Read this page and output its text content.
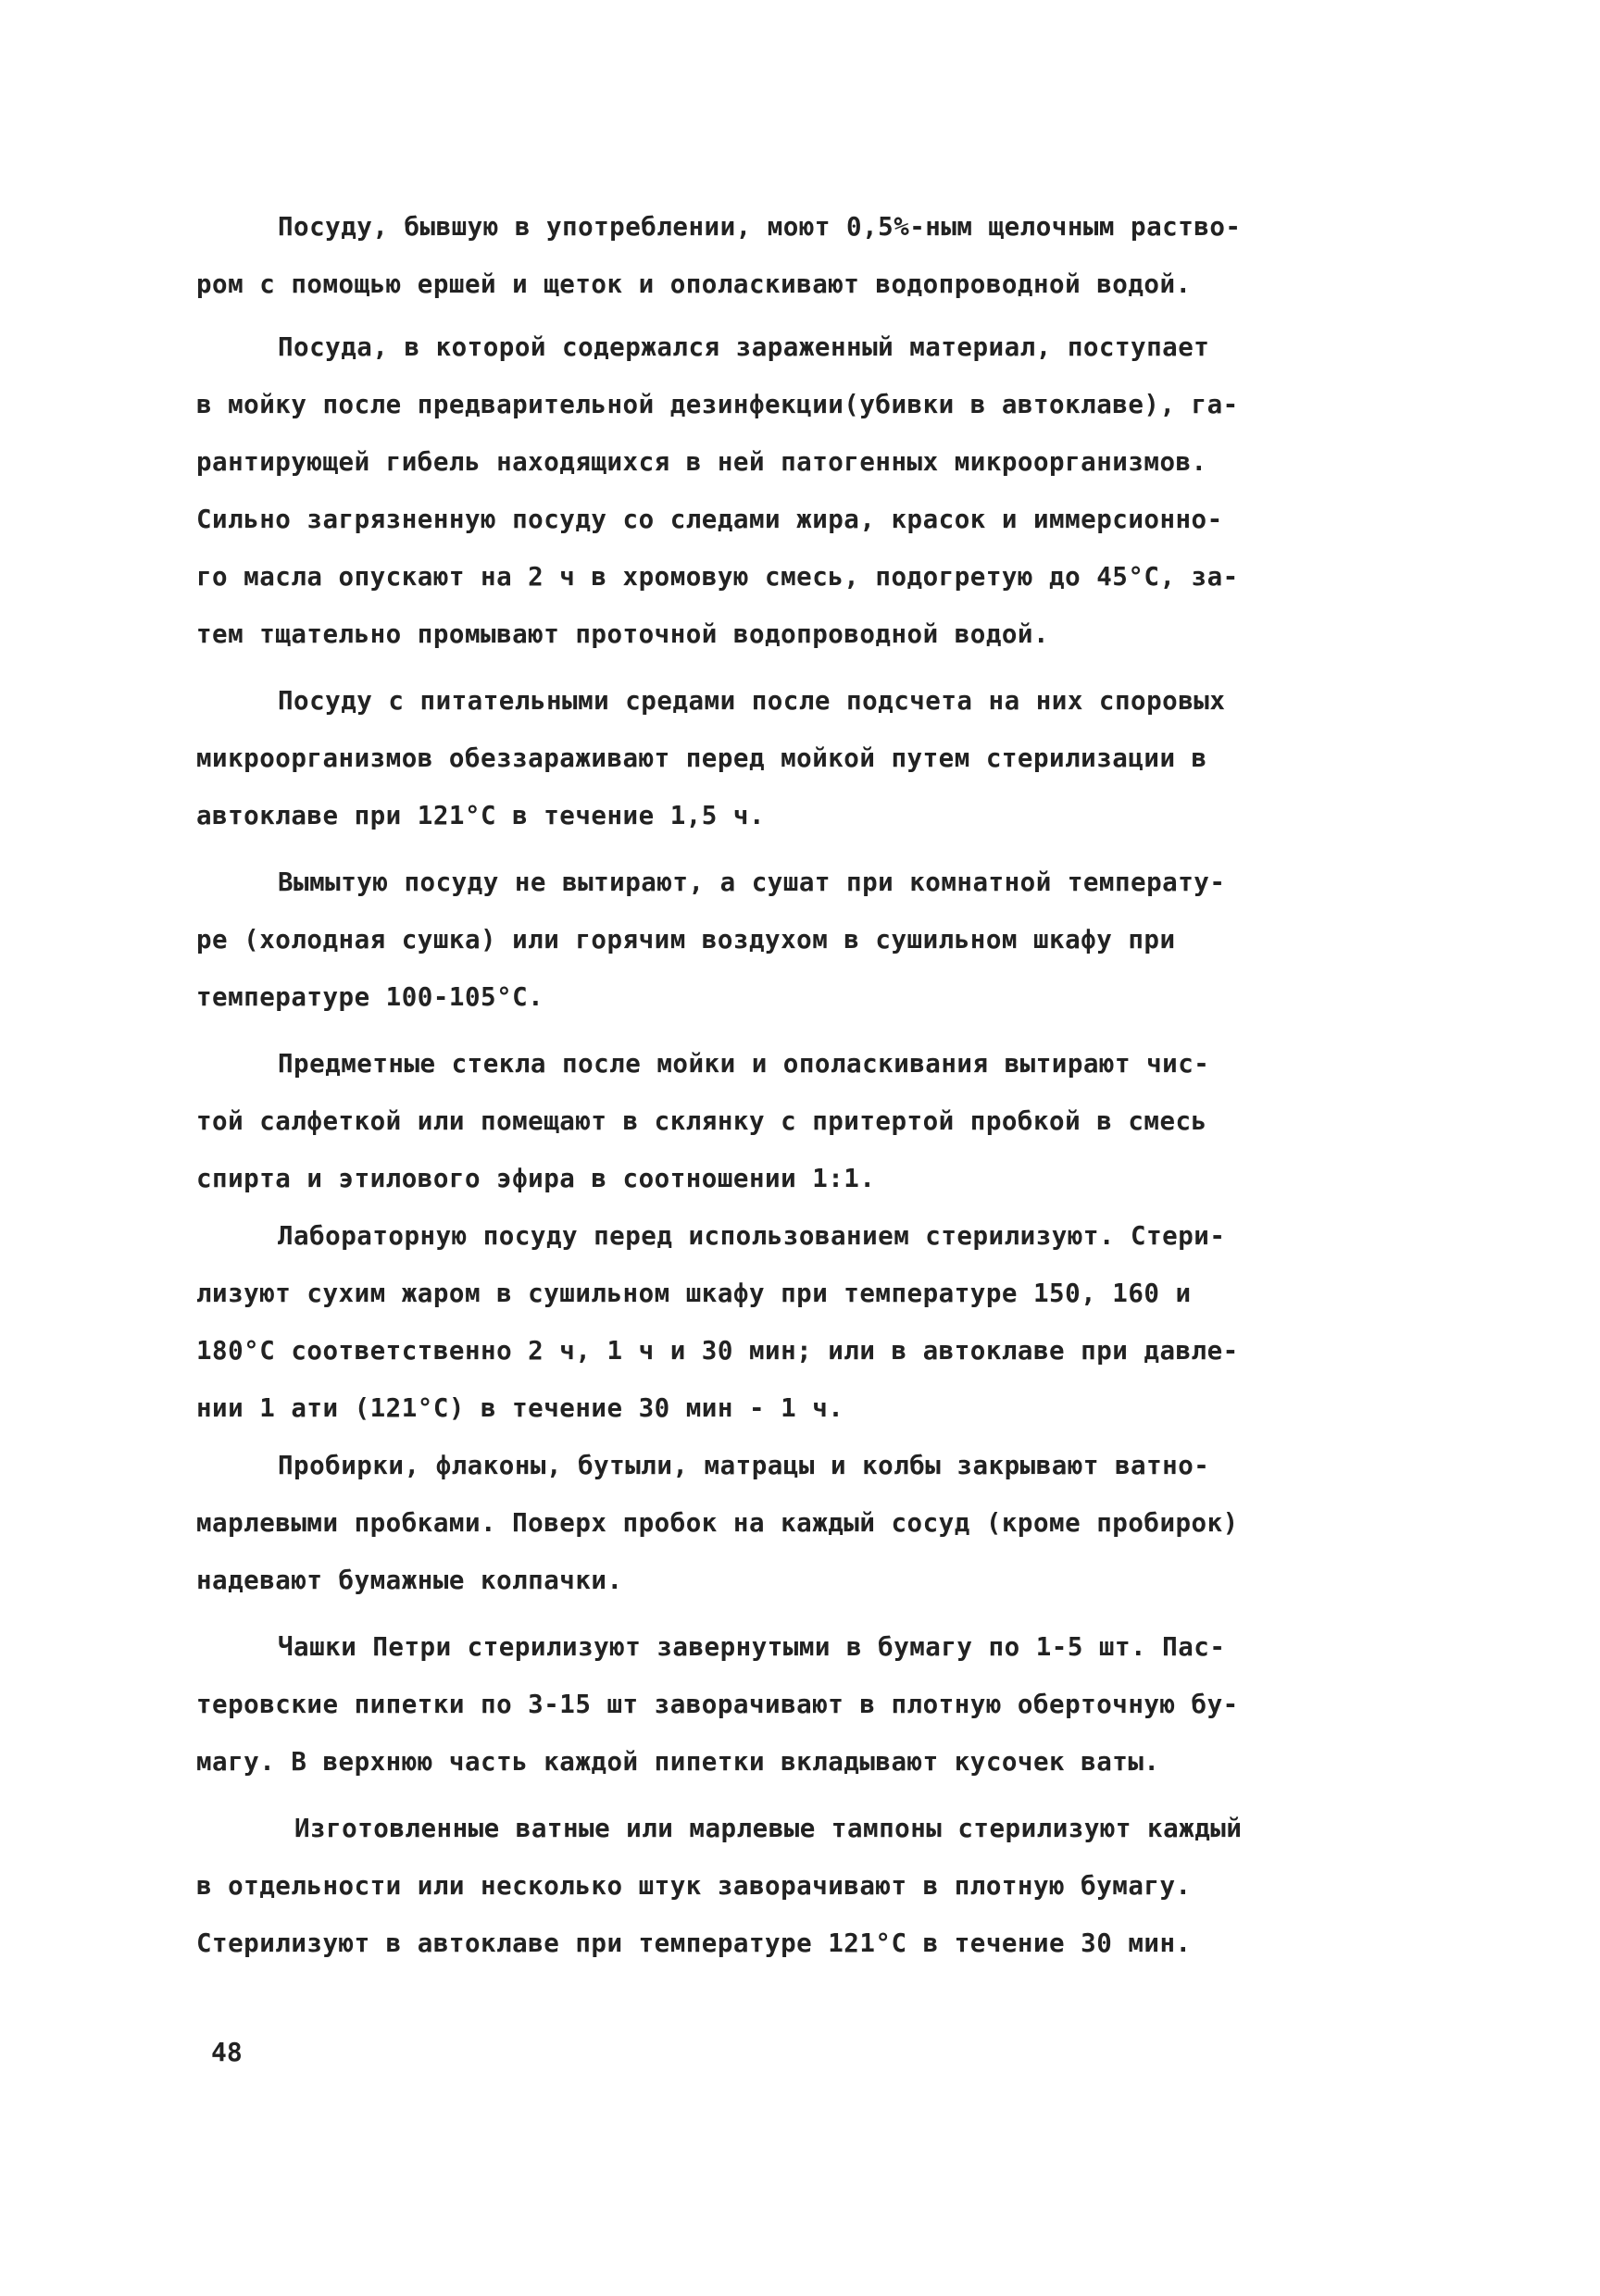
Посуду, бывшую в употреблении, моют 0,5%-ным щелочным раство-
ром с помощью ершей и щеток и ополаскивают водопроводной водой.
Посуда, в которой содержался зараженный материал, поступает
в мойку после предварительной дезинфекции(убивки в автоклаве), га-
рантирующей гибель находящихся в ней патогенных микроорганизмов.
Сильно загрязненную посуду со следами жира, красок и иммерсионно-
го масла опускают на 2 ч в хромовую смесь, подогретую до 45°С, за-
тем тщательно промывают проточной водопроводной водой.
Посуду с питательными средами после подсчета на них споровых
микроорганизмов обеззараживают перед мойкой путем стерилизации в
автоклаве при 121°С в течение 1,5 ч.
Вымытую посуду не вытирают, а сушат при комнатной температу-
ре (холодная сушка) или горячим воздухом в сушильном шкафу при
температуре 100-105°С.
Предметные стекла после мойки и ополаскивания вытирают чис-
той салфеткой или помещают в склянку с притертой пробкой в смесь
спирта и этилового эфира в соотношении 1:1.
Лабораторную посуду перед использованием стерилизуют. Стери-
лизуют сухим жаром в сушильном шкафу при температуре 150, 160 и
180°С соответственно 2 ч, 1 ч и 30 мин; или в автоклаве при давле-
нии 1 ати (121°С) в течение 30 мин - 1 ч.
Пробирки, флаконы, бутыли, матрацы и колбы закрывают ватно-
марлевыми пробками. Поверх пробок на каждый сосуд (кроме пробирок)
надевают бумажные колпачки.
Чашки Петри стерилизуют завернутыми в бумагу по 1-5 шт. Пас-
теровские пипетки по 3-15 шт заворачивают в плотную оберточную бу-
магу. В верхнюю часть каждой пипетки вкладывают кусочек ваты.
Изготовленные ватные или марлевые тампоны стерилизуют каждый
в отдельности или несколько штук заворачивают в плотную бумагу.
Стерилизуют в автоклаве при температуре 121°С в течение 30 мин.
48
